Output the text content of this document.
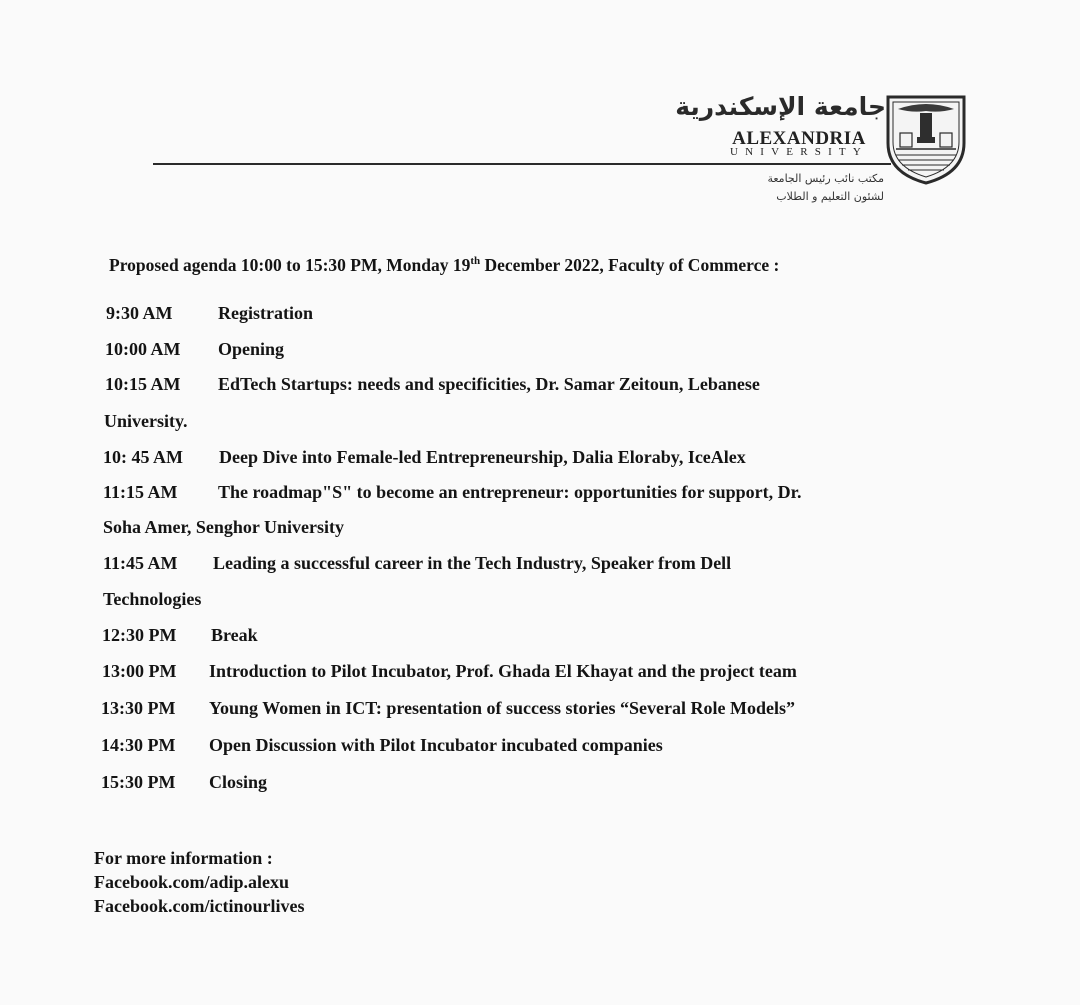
جامعة الإسكندرية
ALEXANDRIA
UNIVERSITY
مكتب نائب رئيس الجامعة
لشئون التعليم و الطلاب
Proposed agenda 10:00 to 15:30 PM, Monday 19th December 2022, Faculty of Commerce :
9:30 AM	Registration
10:00 AM Opening
10:15 AM EdTech Startups: needs and specificities, Dr. Samar Zeitoun, Lebanese
University.
10: 45 AM Deep Dive into Female-led Entrepreneurship, Dalia Eloraby, IceAlex
11:15 AM The roadmap"S" to become an entrepreneur: opportunities for support, Dr.
Soha Amer, Senghor University
11:45 AM Leading a successful career in the Tech Industry, Speaker from Dell
Technologies
12:30 PM Break
13:00 PM Introduction to Pilot Incubator, Prof. Ghada El Khayat and the project team
13:30 PM Young Women in ICT: presentation of success stories “Several Role Models”
14:30 PM Open Discussion with Pilot Incubator incubated companies
15:30 PM Closing
For more information :
Facebook.com/adip.alexu
Facebook.com/ictinourlives
